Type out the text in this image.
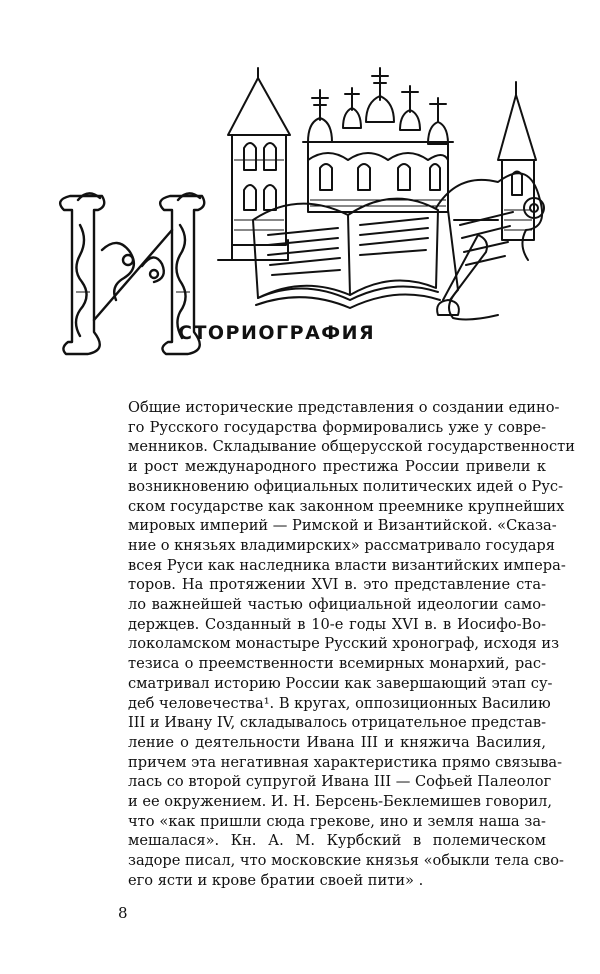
СТОРИОГРАФИЯ
Общие исторические представления о создании едино-
го Русского государства формировались уже у совре-
менников. Складывание общерусской государственности
и рост международного престижа России привели к
возникновению официальных политических идей о Рус-
ском государстве как законном преемнике крупнейших
мировых империй — Римской и Византийской. «Сказа-
ние о князьях владимирских» рассматривало государя
всея Руси как наследника власти византийских импера-
торов. На протяжении XVI в. это представление ста-
ло важнейшей частью официальной идеологии само-
держцев. Созданный в 10-е годы XVI в. в Иосифо-Во-
локоламском монастыре Русский хронограф, исходя из
тезиса о преемственности всемирных монархий, рас-
сматривал историю России как завершающий этап су-
деб человечества¹. В кругах, оппозиционных Василию
III и Ивану IV, складывалось отрицательное представ-
ление о деятельности Ивана III и княжича Василия,
причем эта негативная характеристика прямо связыва-
лась со второй супругой Ивана III — Софьей Палеолог
и ее окружением. И. Н. Берсень-Беклемишев говорил,
что «как пришли сюда грекове, ино и земля наша за-
мешалася». Кн. А. М. Курбский в полемическом
задоре писал, что московские князья «обыкли тела сво-
его ясти и крове братии своей пити» .
8
